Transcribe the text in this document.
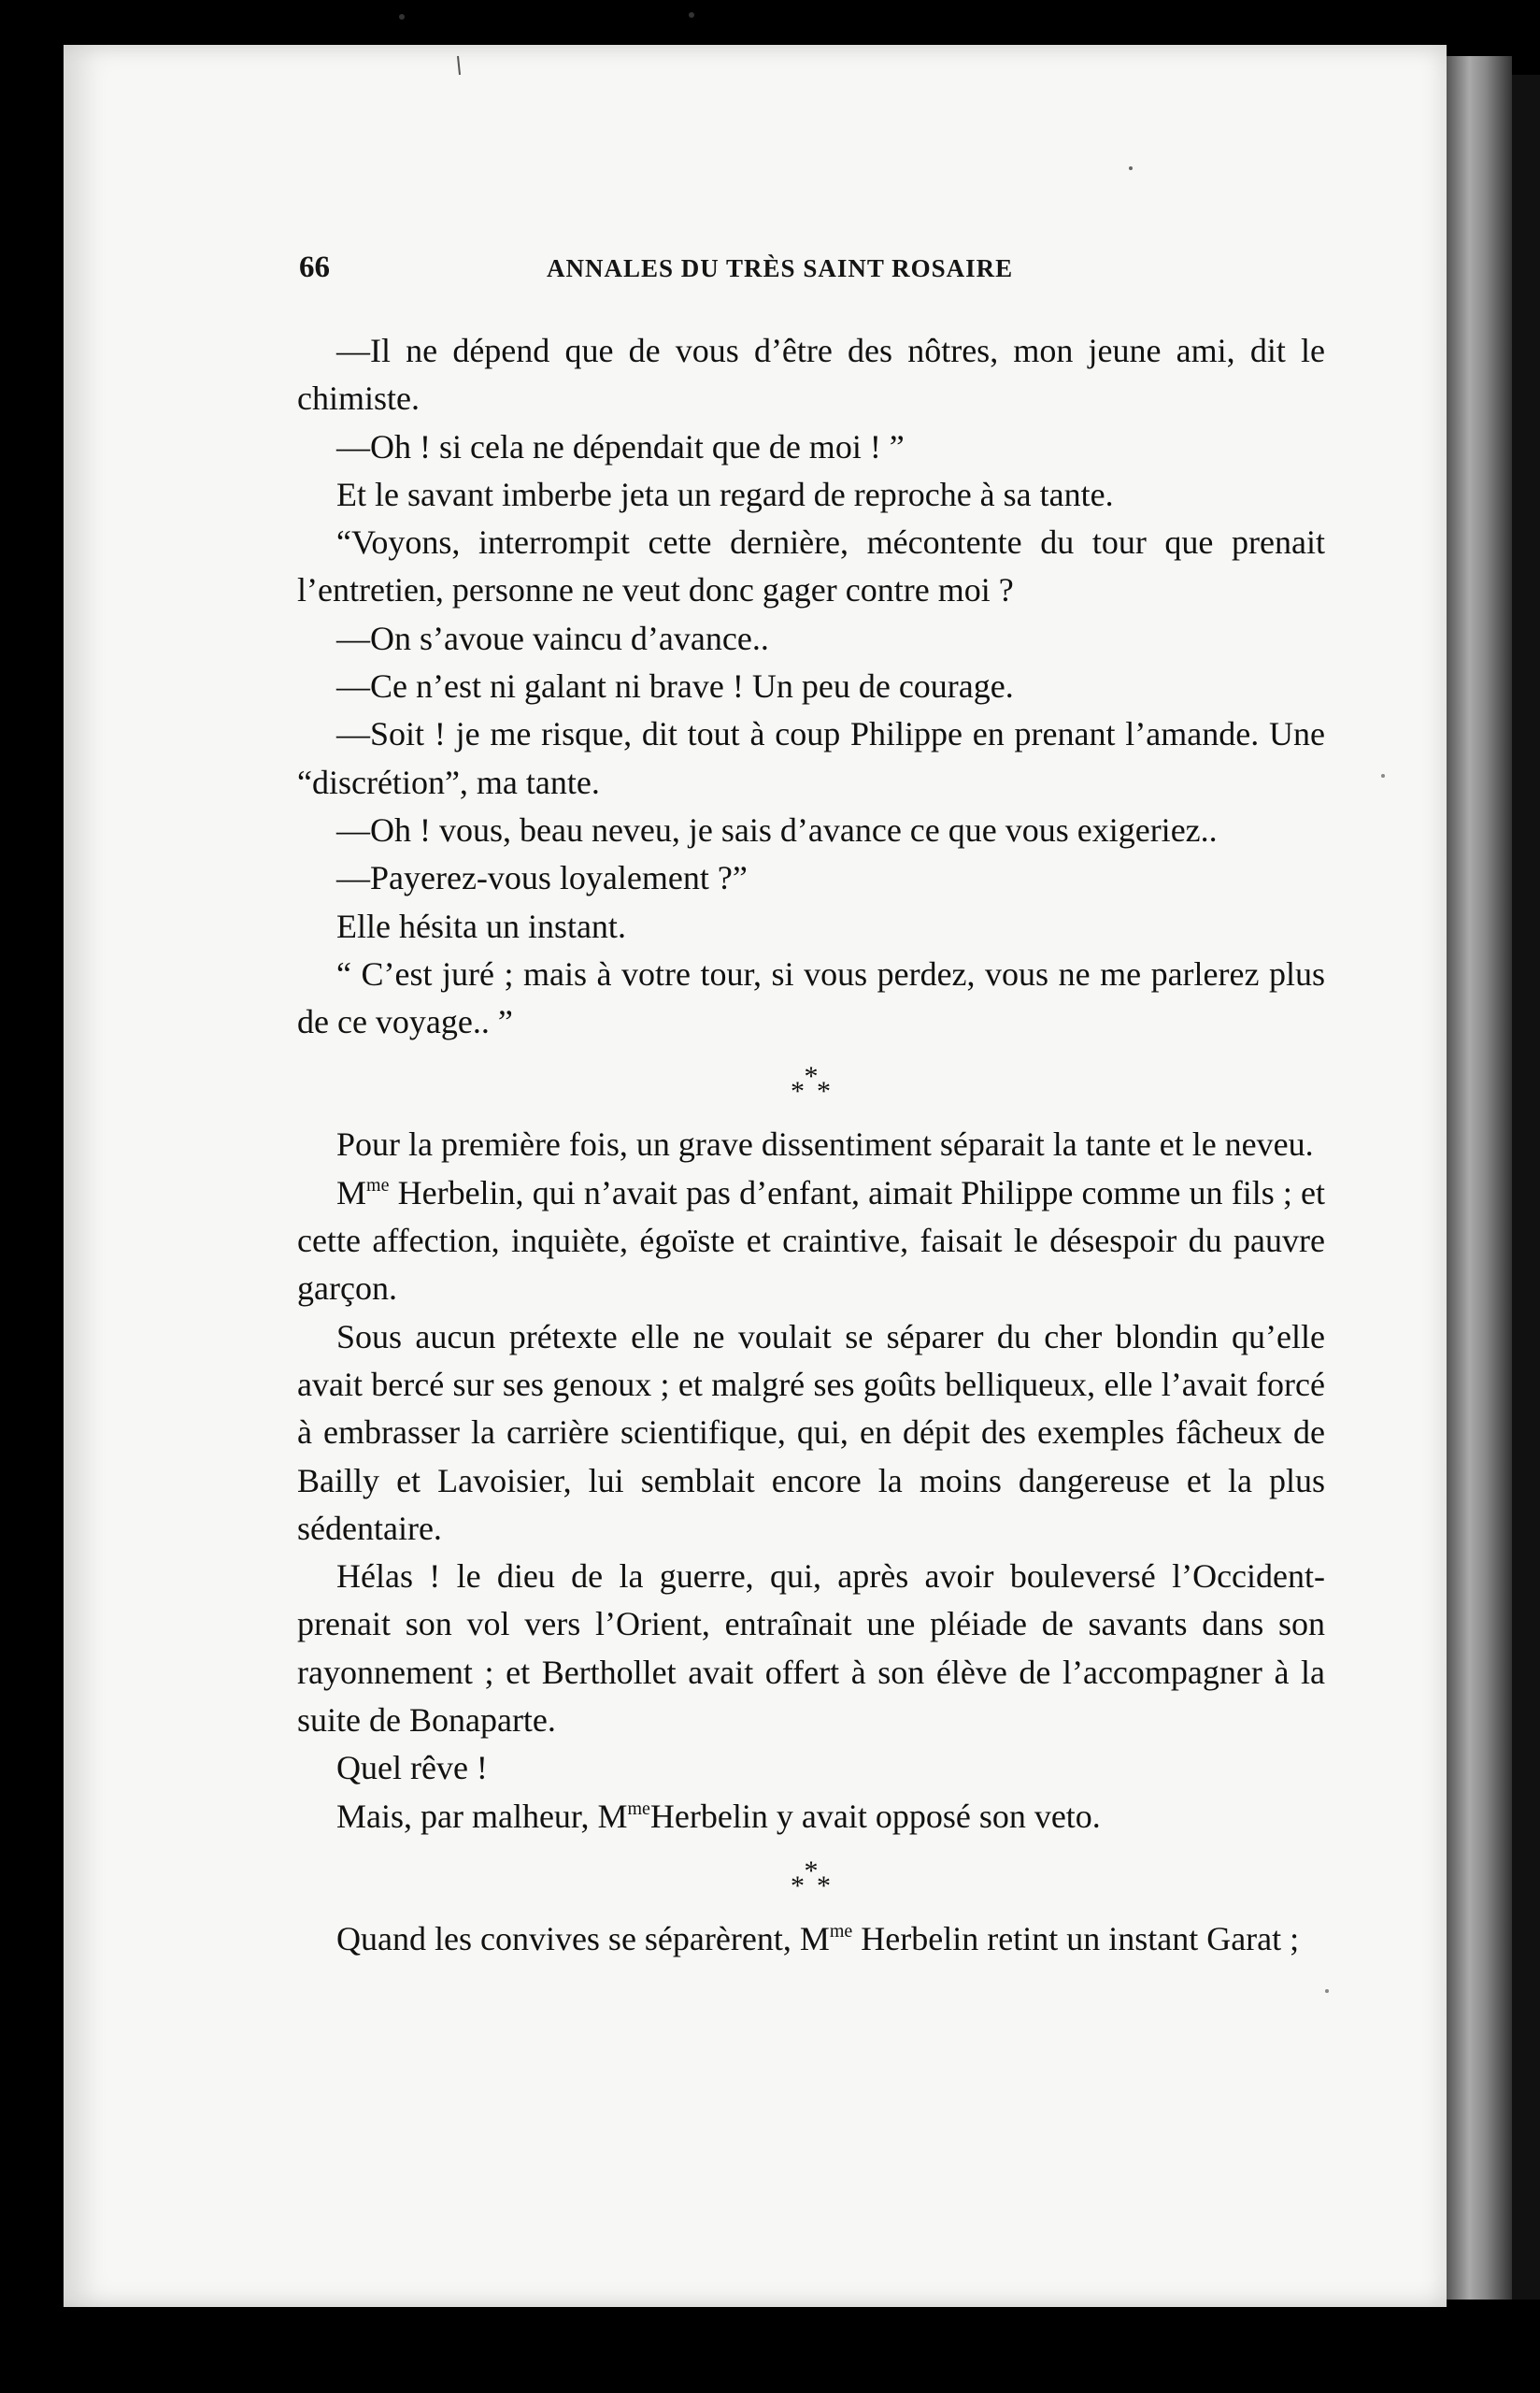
66	ANNALES DU TRÈS SAINT ROSAIRE

—Il ne dépend que de vous d’être des nôtres, mon jeune ami, dit le chimiste.

—Oh ! si cela ne dépendait que de moi ! ”

Et le savant imberbe jeta un regard de reproche à sa tante.

“Voyons, interrompit cette dernière, mécontente du tour que prenait l’entretien, personne ne veut donc gager contre moi ?

—On s’avoue vaincu d’avance..

—Ce n’est ni galant ni brave ! Un peu de courage.

—Soit ! je me risque, dit tout à coup Philippe en prenant l’amande. Une “discrétion”, ma tante.

—Oh ! vous, beau neveu, je sais d’avance ce que vous exigeriez..

—Payerez-vous loyalement ?”

Elle hésita un instant.

“ C’est juré ; mais à votre tour, si vous perdez, vous ne me parlerez plus de ce voyage.. ”

*
* *

Pour la première fois, un grave dissentiment séparait la tante et le neveu.

$M^{me}$ Herbelin, qui n’avait pas d’enfant, aimait Philippe comme un fils ; et cette affection, inquiète, égoïste et craintive, faisait le désespoir du pauvre garçon.

Sous aucun prétexte elle ne voulait se séparer du cher blondin qu’elle avait bercé sur ses genoux ; et malgré ses goûts belliqueux, elle l’avait forcé à embrasser la carrière scientifique, qui, en dépit des exemples fâcheux de Bailly et Lavoisier, lui semblait encore la moins dangereuse et la plus sédentaire.

Hélas ! le dieu de la guerre, qui, après avoir bouleversé l’Occident- prenait son vol vers l’Orient, entraînait une pléiade de savants dans son rayonnement ; et Berthollet avait offert à son élève de l’accompagner à la suite de Bonaparte.

Quel rêve !

Mais, par malheur, $M^{me}Herbelin$ y avait opposé son veto.

*
* *

Quand les convives se séparèrent, $M^{me}$ Herbelin retint un instant Garat ;
